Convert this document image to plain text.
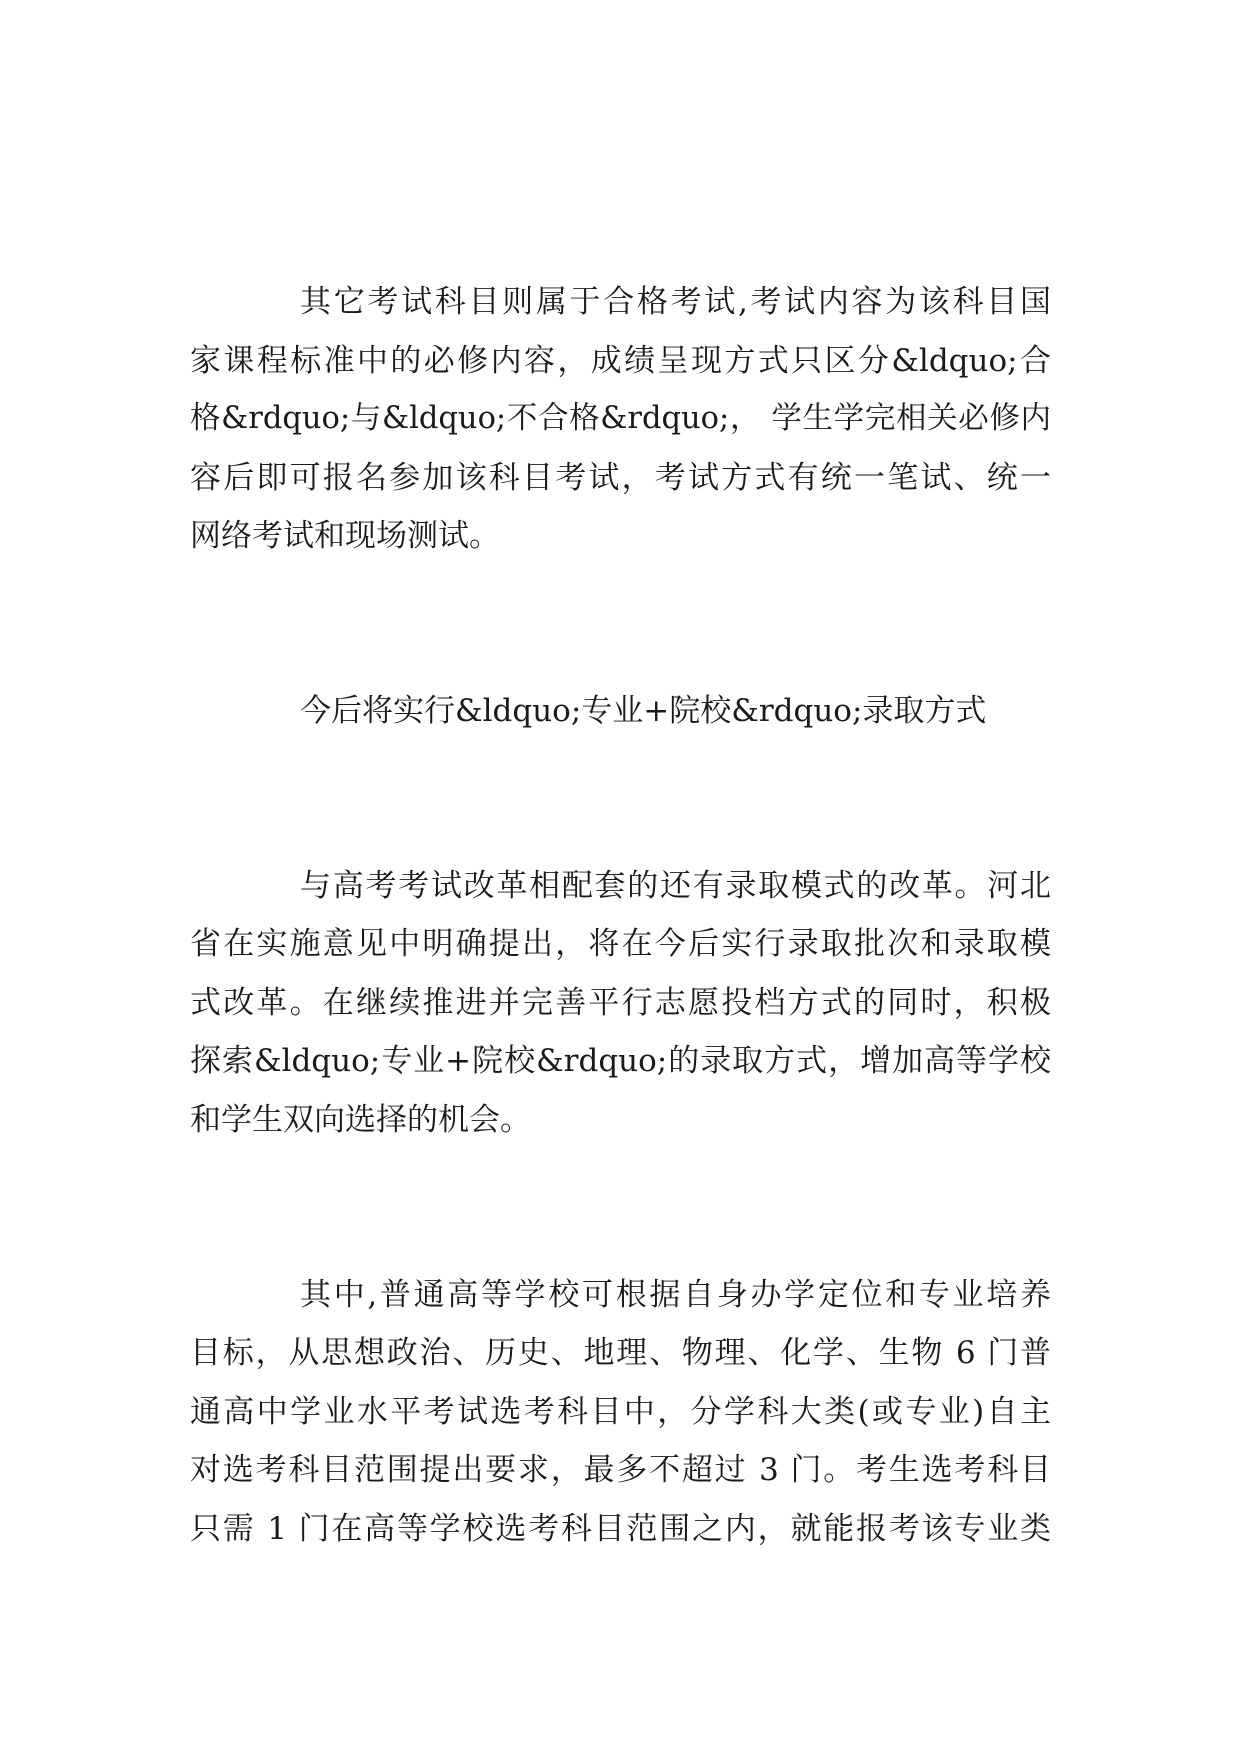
其它考试科目则属于合格考试,考试内容为该科目国
家课程标准中的必修内容，成绩呈现方式只区分&ldquo;合
格&rdquo;与&ldquo;不合格&rdquo;， 学生学完相关必修内
容后即可报名参加该科目考试，考试方式有统一笔试、统一
网络考试和现场测试。
今后将实行&ldquo;专业+院校&rdquo;录取方式
与高考考试改革相配套的还有录取模式的改革。河北
省在实施意见中明确提出，将在今后实行录取批次和录取模
式改革。在继续推进并完善平行志愿投档方式的同时，积极
探索&ldquo;专业+院校&rdquo;的录取方式，增加高等学校
和学生双向选择的机会。
其中,普通高等学校可根据自身办学定位和专业培养
目标，从思想政治、历史、地理、物理、化学、生物 6 门普
通高中学业水平考试选考科目中，分学科大类(或专业)自主
对选考科目范围提出要求，最多不超过 3 门。考生选考科目
只需 1 门在高等学校选考科目范围之内，就能报考该专业类
